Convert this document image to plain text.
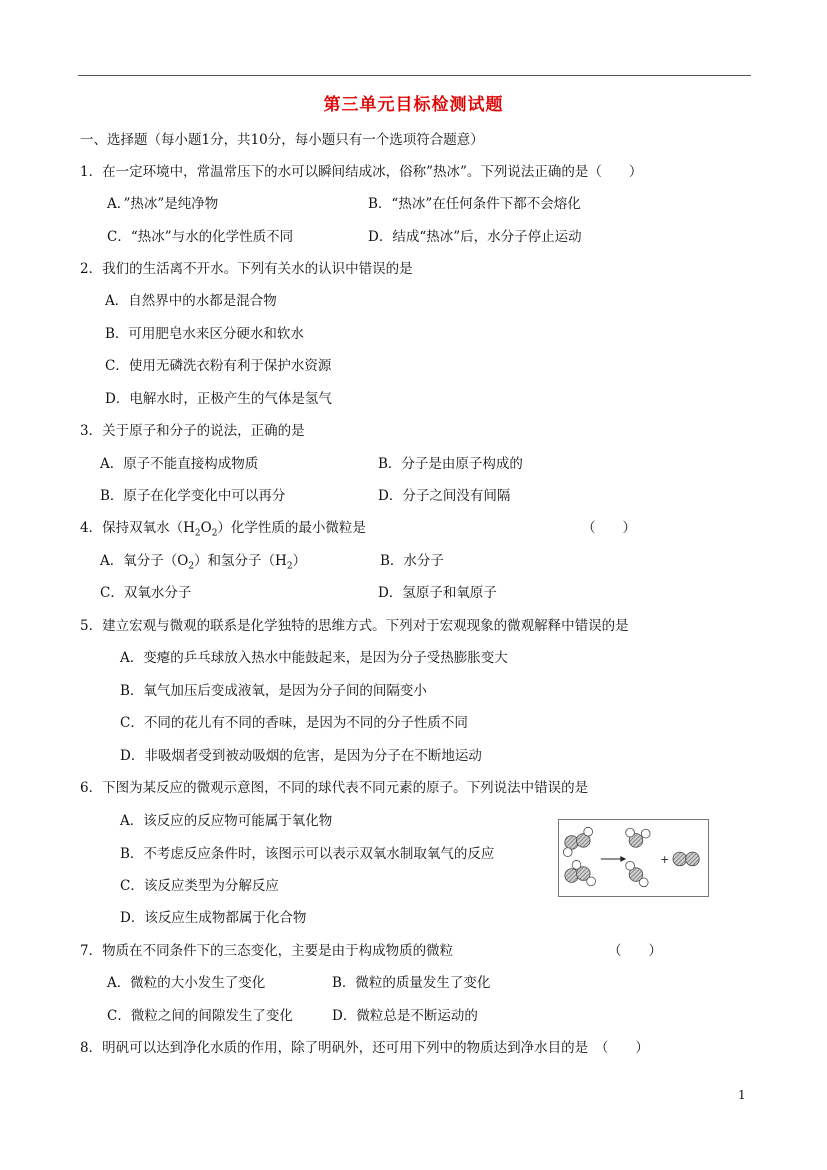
第三单元目标检测试题
一、选择题（每小题1分，共10分，每小题只有一个选项符合题意）
1．在一定环境中，常温常压下的水可以瞬间结成冰，俗称”热冰”。下列说法正确的是（　　）
A．”热冰”是纯净物	B．“热冰”在任何条件下都不会熔化
C．“热冰”与水的化学性质不同	D．结成“热冰”后，水分子停止运动
2．我们的生活离不开水。下列有关水的认识中错误的是
A．自然界中的水都是混合物
B．可用肥皂水来区分硬水和软水
C．使用无磷洗衣粉有利于保护水资源
D．电解水时，正极产生的气体是氢气
3．关于原子和分子的说法，正确的是
A．原子不能直接构成物质	B．分子是由原子构成的
B．原子在化学变化中可以再分	D．分子之间没有间隔
4．保持双氧水$(H_2O_2)$化学性质的最小微粒是	（　　）
A．氧分子$(O_2)$和氢分子$(H_2)$	B．水分子
C．双氧水分子	D．氢原子和氧原子
5．建立宏观与微观的联系是化学独特的思维方式。下列对于宏观现象的微观解释中错误的是
A．变瘪的乒乓球放入热水中能鼓起来，是因为分子受热膨胀变大
B．氧气加压后变成液氧，是因为分子间的间隔变小
C．不同的花儿有不同的香味，是因为不同的分子性质不同
D．非吸烟者受到被动吸烟的危害，是因为分子在不断地运动
6．下图为某反应的微观示意图，不同的球代表不同元素的原子。下列说法中错误的是
A．该反应的反应物可能属于氧化物
B．不考虑反应条件时，该图示可以表示双氧水制取氧气的反应
C．该反应类型为分解反应
D．该反应生成物都属于化合物
+
7．物质在不同条件下的三态变化，主要是由于构成物质的微粒	（　　）
A．微粒的大小发生了变化	B．微粒的质量发生了变化
C．微粒之间的间隙发生了变化	D．微粒总是不断运动的
8．明矾可以达到净化水质的作用，除了明矾外，还可用下列中的物质达到净水目的是　（　　）
1
